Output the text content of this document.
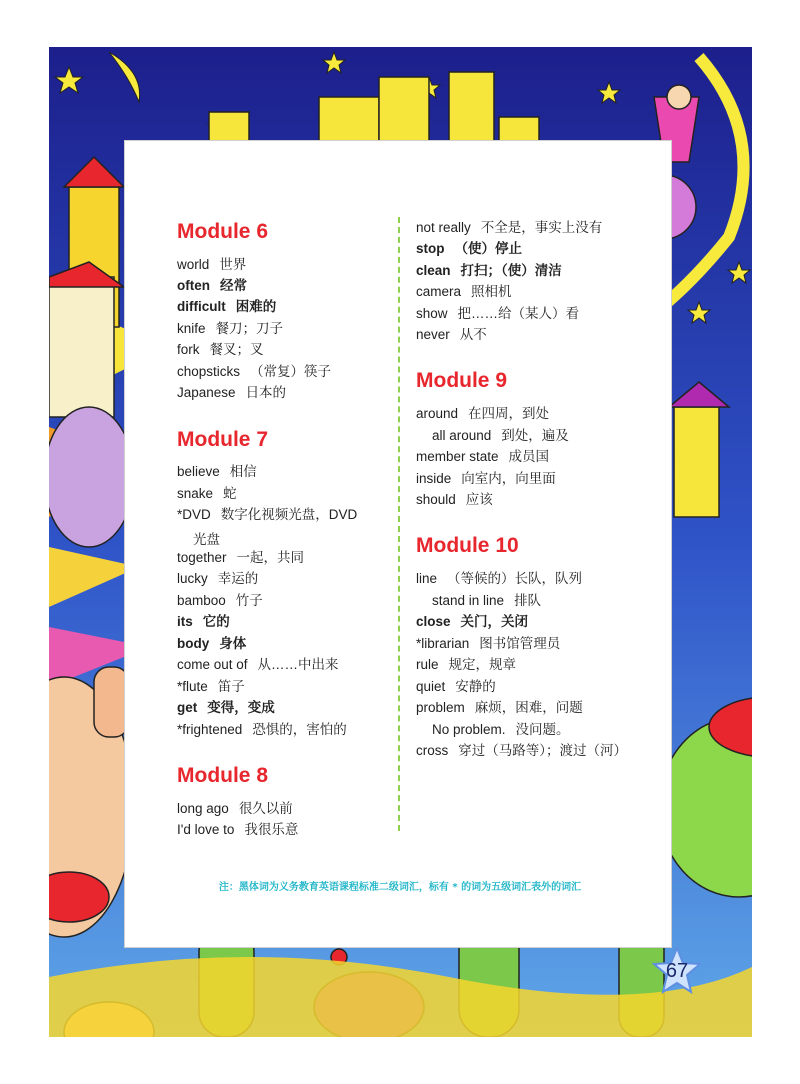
Module 6
world 世界
often 经常
difficult 困难的
knife 餐刀；刀子
fork 餐叉；叉
chopsticks （常复）筷子
Japanese 日本的
Module 7
believe 相信
snake 蛇
*DVD 数字化视频光盘，DVD
光盘
together 一起，共同
lucky 幸运的
bamboo 竹子
its 它的
body 身体
come out of 从……中出来
*flute 笛子
get 变得，变成
*frightened 恐惧的，害怕的
Module 8
long ago 很久以前
I'd love to 我很乐意
not really 不全是，事实上没有
stop （使）停止
clean 打扫；（使）清洁
camera 照相机
show 把……给（某人）看
never 从不
Module 9
around 在四周，到处
all around 到处，遍及
member state 成员国
inside 向室内，向里面
should 应该
Module 10
line （等候的）长队，队列
stand in line 排队
close 关门，关闭
*librarian 图书馆管理员
rule 规定，规章
quiet 安静的
problem 麻烦，困难，问题
No problem. 没问题。
cross 穿过（马路等）；渡过（河）
注：黑体词为义务教育英语课程标准二级词汇，标有 * 的词为五级词汇表外的词汇
67
